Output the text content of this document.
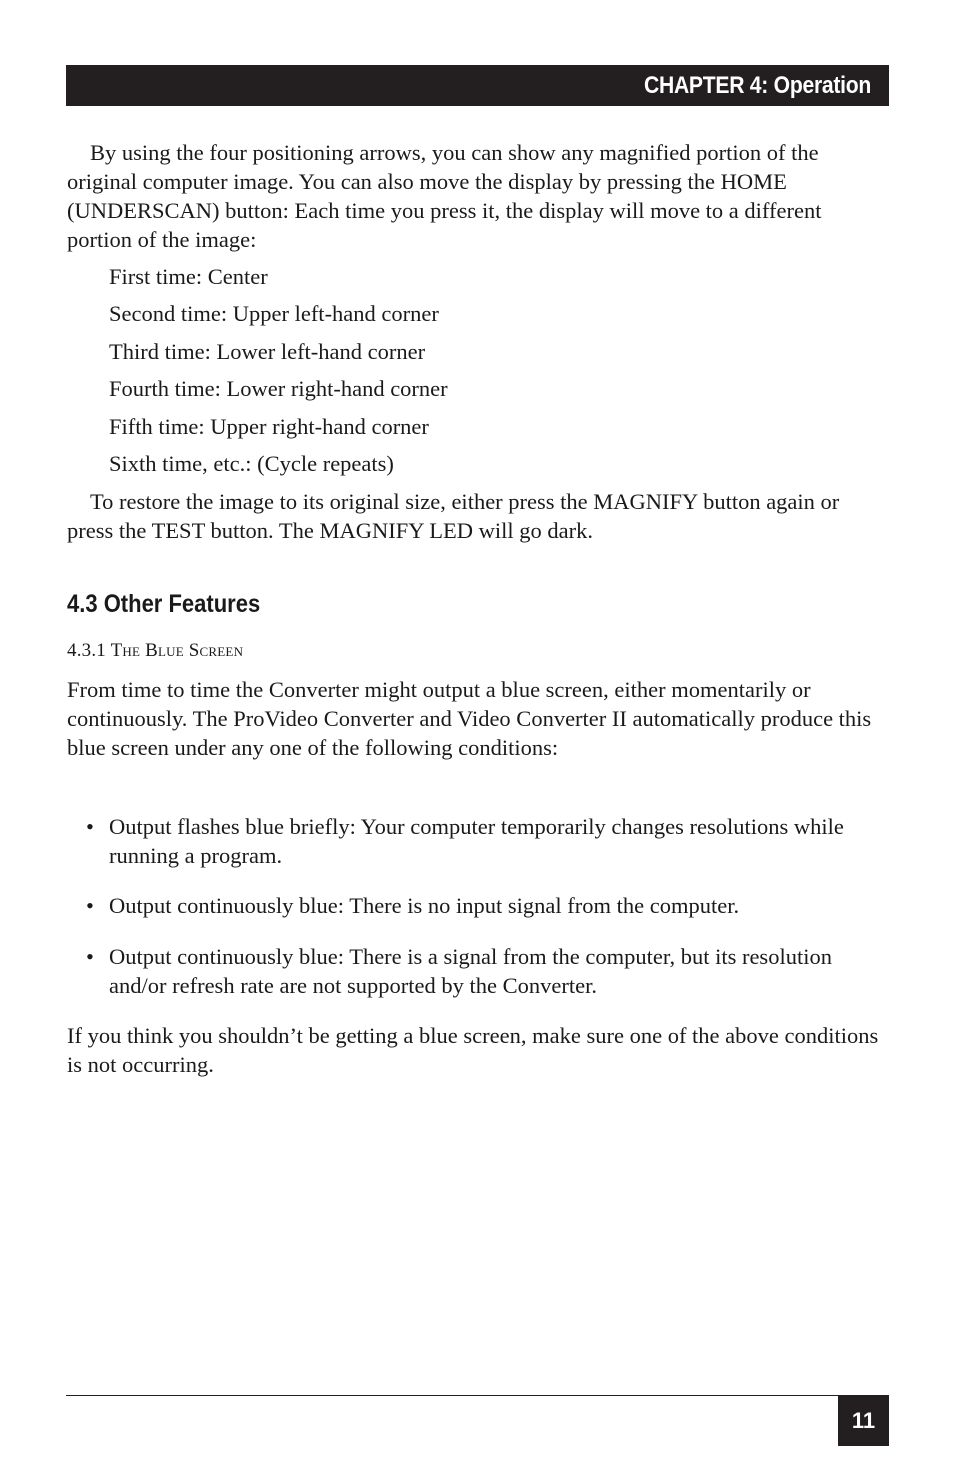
CHAPTER 4: Operation
By using the four positioning arrows, you can show any magnified portion of the original computer image. You can also move the display by pressing the HOME (UNDERSCAN) button: Each time you press it, the display will move to a different portion of the image:
First time: Center
Second time: Upper left-hand corner
Third time: Lower left-hand corner
Fourth time: Lower right-hand corner
Fifth time: Upper right-hand corner
Sixth time, etc.: (Cycle repeats)
To restore the image to its original size, either press the MAGNIFY button again or press the TEST button. The MAGNIFY LED will go dark.
4.3 Other Features
4.3.1 The Blue Screen
From time to time the Converter might output a blue screen, either momentarily or continuously. The ProVideo Converter and Video Converter II automatically produce this blue screen under any one of the following conditions:
• Output flashes blue briefly: Your computer temporarily changes resolutions while running a program.
• Output continuously blue: There is no input signal from the computer.
• Output continuously blue: There is a signal from the computer, but its resolution and/or refresh rate are not supported by the Converter.
If you think you shouldn’t be getting a blue screen, make sure one of the above conditions is not occurring.
11
